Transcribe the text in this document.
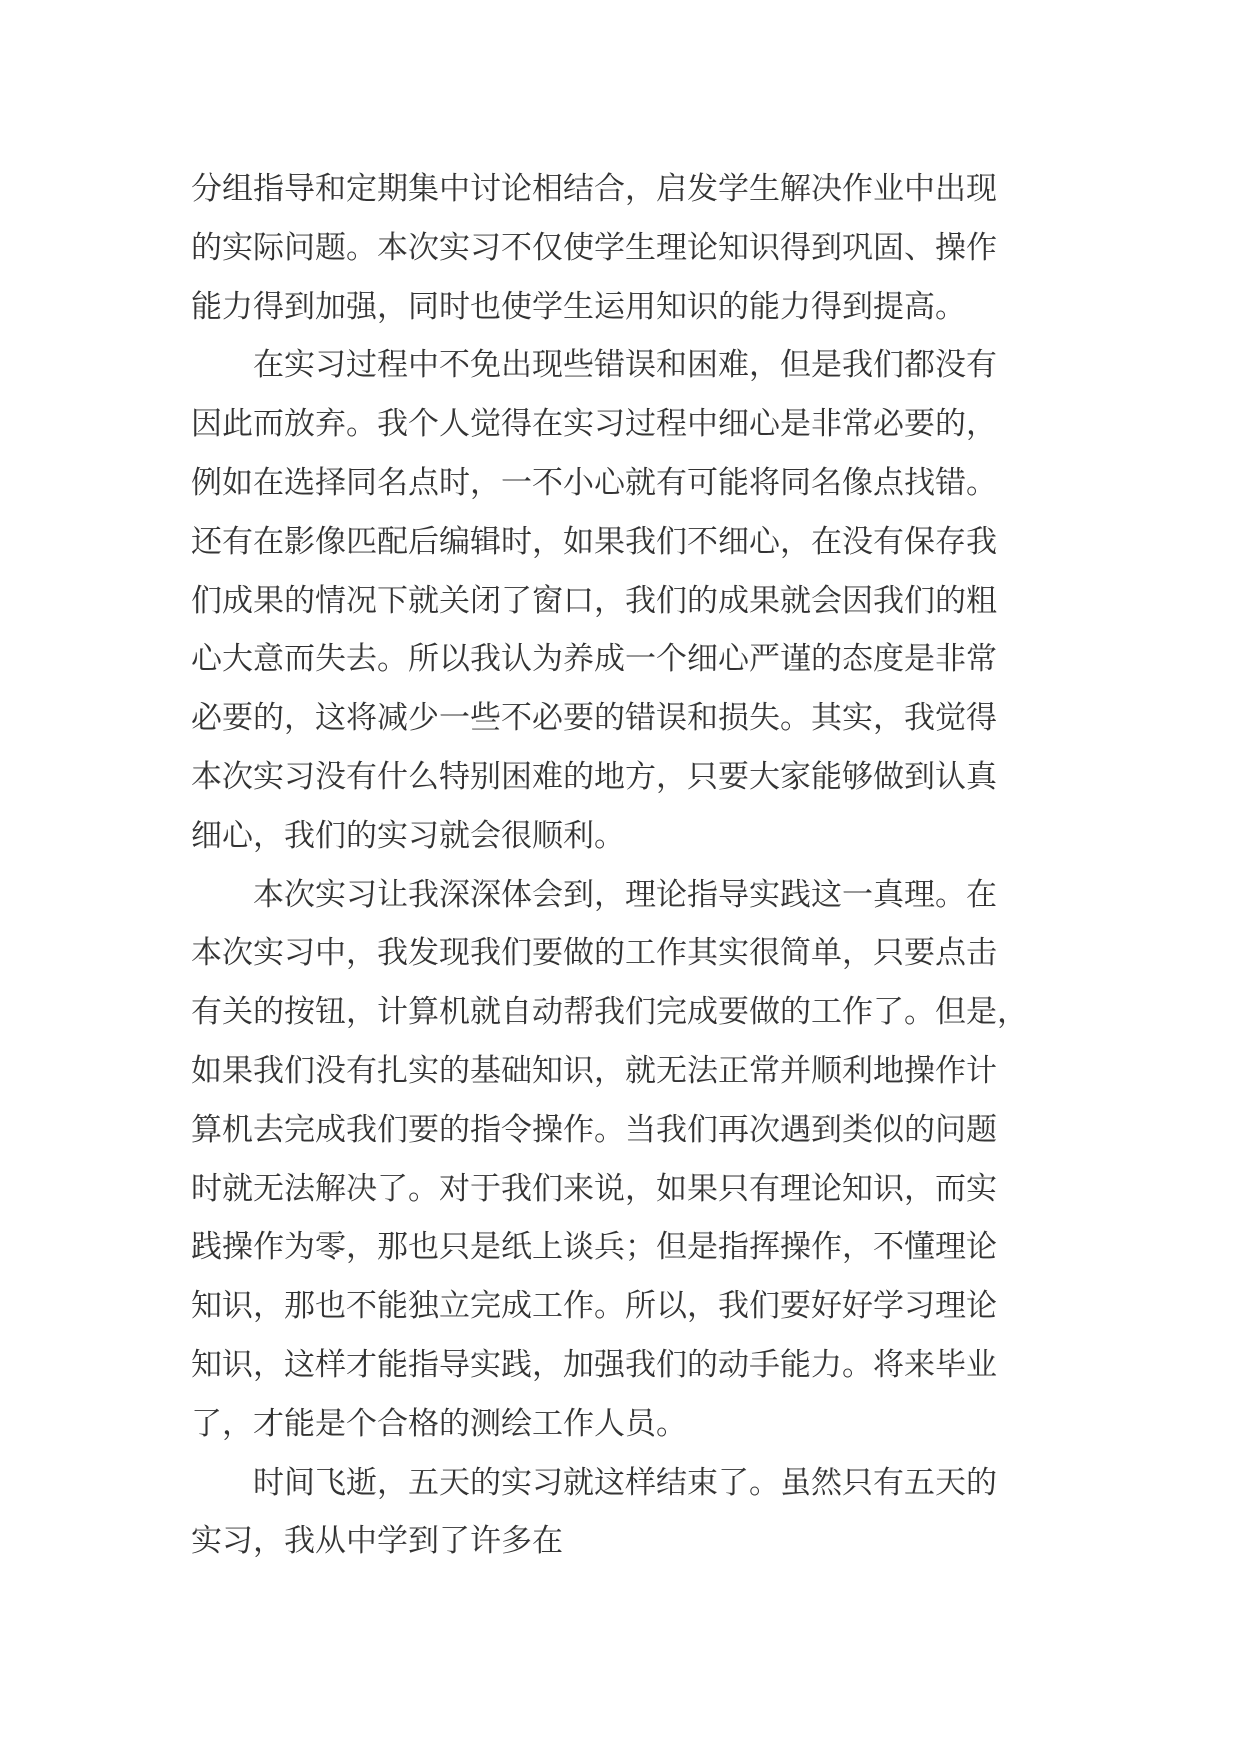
分组指导和定期集中讨论相结合，启发学生解决作业中出现
的实际问题。本次实习不仅使学生理论知识得到巩固、操作
能力得到加强，同时也使学生运用知识的能力得到提高。
在实习过程中不免出现些错误和困难，但是我们都没有
因此而放弃。我个人觉得在实习过程中细心是非常必要的，
例如在选择同名点时，一不小心就有可能将同名像点找错。
还有在影像匹配后编辑时，如果我们不细心，在没有保存我
们成果的情况下就关闭了窗口，我们的成果就会因我们的粗
心大意而失去。所以我认为养成一个细心严谨的态度是非常
必要的，这将减少一些不必要的错误和损失。其实，我觉得
本次实习没有什么特别困难的地方，只要大家能够做到认真
细心，我们的实习就会很顺利。
本次实习让我深深体会到，理论指导实践这一真理。在
本次实习中，我发现我们要做的工作其实很简单，只要点击
有关的按钮，计算机就自动帮我们完成要做的工作了。但是，
如果我们没有扎实的基础知识，就无法正常并顺利地操作计
算机去完成我们要的指令操作。当我们再次遇到类似的问题
时就无法解决了。对于我们来说，如果只有理论知识，而实
践操作为零，那也只是纸上谈兵；但是指挥操作，不懂理论
知识，那也不能独立完成工作。所以，我们要好好学习理论
知识，这样才能指导实践，加强我们的动手能力。将来毕业
了，才能是个合格的测绘工作人员。
时间飞逝，五天的实习就这样结束了。虽然只有五天的
实习，我从中学到了许多在
